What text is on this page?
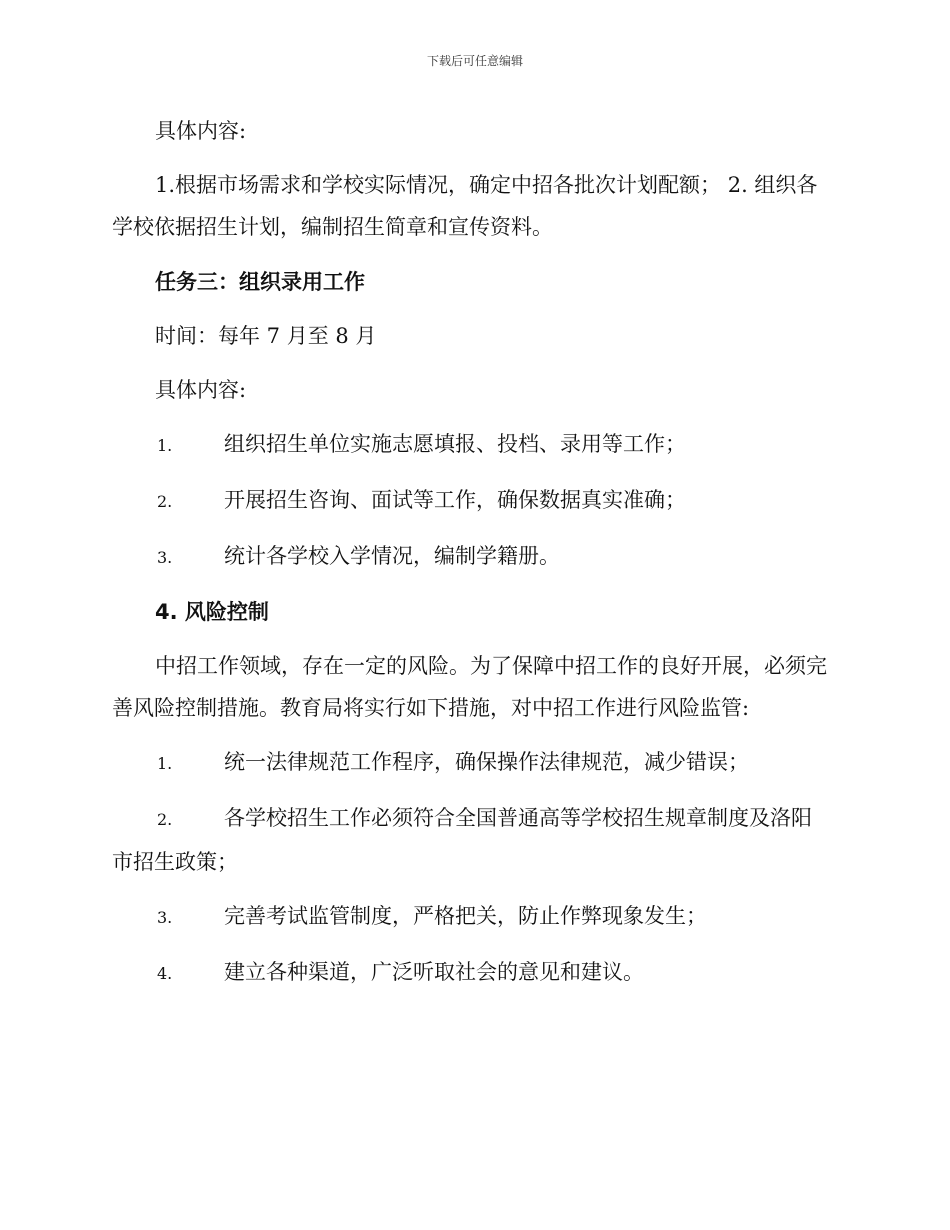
下载后可任意编辑

具体内容:

1.根据市场需求和学校实际情况，确定中招各批次计划配额； 2. 组织各学校依据招生计划，编制招生简章和宣传资料。

任务三：组织录用工作

时间：每年 7 月至 8 月

具体内容:

1. 组织招生单位实施志愿填报、投档、录用等工作；

2. 开展招生咨询、面试等工作，确保数据真实准确；

3. 统计各学校入学情况，编制学籍册。

4. 风险控制

中招工作领域，存在一定的风险。为了保障中招工作的良好开展，必须完善风险控制措施。教育局将实行如下措施，对中招工作进行风险监管:

1. 统一法律规范工作程序，确保操作法律规范，减少错误；

2. 各学校招生工作必须符合全国普通高等学校招生规章制度及洛阳市招生政策；

3. 完善考试监管制度，严格把关，防止作弊现象发生；

4. 建立各种渠道，广泛听取社会的意见和建议。
